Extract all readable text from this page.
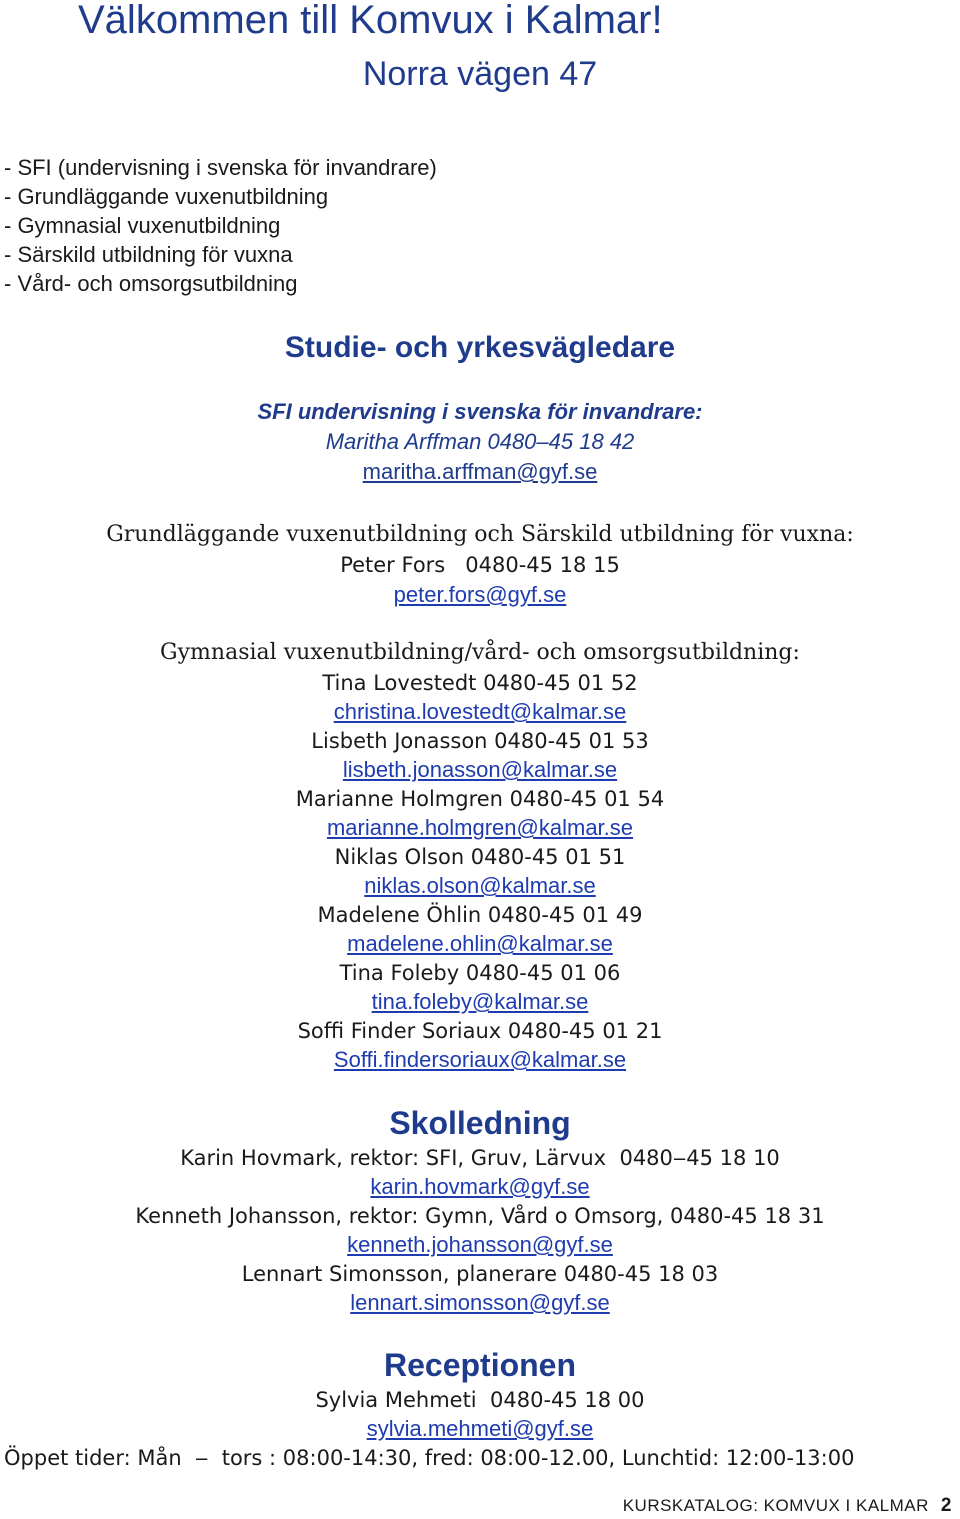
Välkommen till Komvux i Kalmar!
Norra vägen 47
- SFI (undervisning i svenska för invandrare)
- Grundläggande vuxenutbildning
- Gymnasial vuxenutbildning
- Särskild utbildning för vuxna
- Vård- och omsorgsutbildning
Studie- och yrkesvägledare
SFI undervisning i svenska för invandrare:
Maritha Arffman 0480‒45 18 42
maritha.arffman@gyf.se
Grundläggande vuxenutbildning och Särskild utbildning för vuxna:
Peter Fors   0480-45 18 15
peter.fors@gyf.se
Gymnasial vuxenutbildning/vård- och omsorgsutbildning:
Tina Lovestedt 0480-45 01 52
christina.lovestedt@kalmar.se
Lisbeth Jonasson 0480-45 01 53
lisbeth.jonasson@kalmar.se
Marianne Holmgren 0480-45 01 54
marianne.holmgren@kalmar.se
Niklas Olson 0480-45 01 51
niklas.olson@kalmar.se
Madelene Öhlin 0480-45 01 49
madelene.ohlin@kalmar.se
Tina Foleby 0480-45 01 06
tina.foleby@kalmar.se
Soffi Finder Soriaux 0480-45 01 21
Soffi.findersoriaux@kalmar.se
Skolledning
Karin Hovmark, rektor: SFI, Gruv, Lärvux  0480‒45 18 10
karin.hovmark@gyf.se
Kenneth Johansson, rektor: Gymn, Vård o Omsorg, 0480-45 18 31
kenneth.johansson@gyf.se
Lennart Simonsson, planerare 0480-45 18 03
lennart.simonsson@gyf.se
Receptionen
Sylvia Mehmeti  0480-45 18 00
sylvia.mehmeti@gyf.se
Öppet tider: Mån  ‒  tors : 08:00-14:30, fred: 08:00-12.00, Lunchtid: 12:00-13:00
KURSKATALOG: KOMVUX I KALMAR 2
